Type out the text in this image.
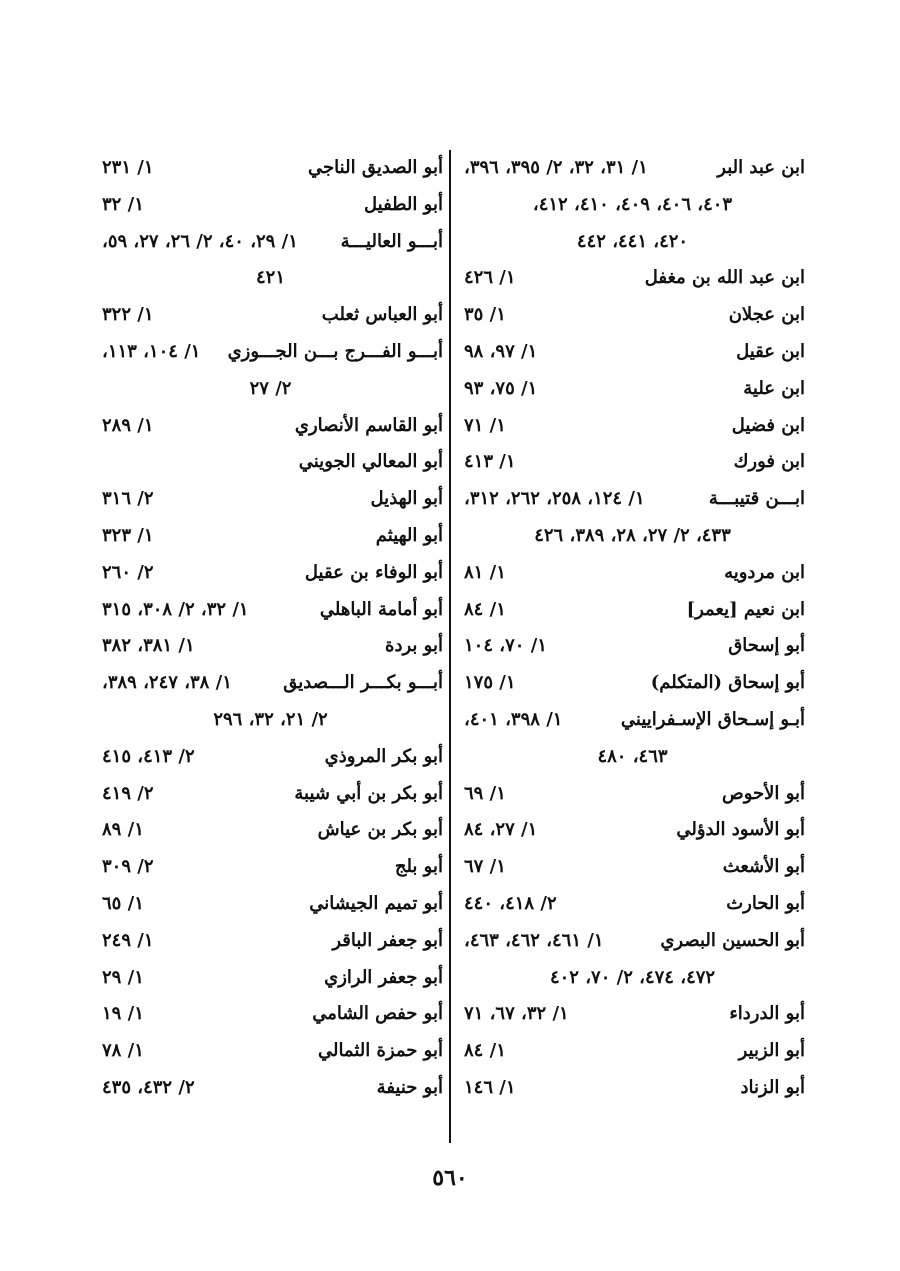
ابن عبد البر
١/ ٣١، ٣٢، ٢/ ٣٩٥، ٣٩٦،
٤٠٣، ٤٠٦، ٤٠٩، ٤١٠، ٤١٢،
٤٢٠، ٤٤١، ٤٤٢
ابن عبد الله بن مغفل
١/ ٤٢٦
ابن عجلان
١/ ٣٥
ابن عقيل
١/ ٩٧، ٩٨
ابن علية
١/ ٧٥، ٩٣
ابن فضيل
١/ ٧١
ابن فورك
١/ ٤١٣
ابـــن قتيبـــة
١/ ١٢٤، ٢٥٨، ٢٦٢، ٣١٢،
٤٣٣، ٢/ ٢٧، ٢٨، ٣٨٩، ٤٢٦
ابن مردويه
١/ ٨١
ابن نعيم [يعمر]
١/ ٨٤
أبو إسحاق
١/ ٧٠، ١٠٤
أبو إسحاق (المتكلم)
١/ ١٧٥
أبـو إسـحاق الإسـفراييني
١/ ٣٩٨، ٤٠١،
٤٦٣، ٤٨٠
أبو الأحوص
١/ ٦٩
أبو الأسود الدؤلي
١/ ٢٧، ٨٤
أبو الأشعث
١/ ٦٧
أبو الحارث
٢/ ٤١٨، ٤٤٠
أبو الحسين البصري
١/ ٤٦١، ٤٦٢، ٤٦٣،
٤٧٢، ٤٧٤، ٢/ ٧٠، ٤٠٢
أبو الدرداء
١/ ٣٢، ٦٧، ٧١
أبو الزبير
١/ ٨٤
أبو الزناد
١/ ١٤٦
أبو الصديق الناجي
١/ ٢٣١
أبو الطفيل
١/ ٣٢
أبـــو العاليـــة
١/ ٢٩، ٤٠، ٢/ ٢٦، ٢٧، ٥٩،
٤٢١
أبو العباس ثعلب
١/ ٣٢٢
أبـــو الفـــرج بـــن الجـــوزي
١/ ١٠٤، ١١٣،
٢/ ٢٧
أبو القاسم الأنصاري
١/ ٢٨٩
أبو المعالي الجويني
أبو الهذيل
٢/ ٣١٦
أبو الهيثم
١/ ٣٢٣
أبو الوفاء بن عقيل
٢/ ٢٦٠
أبو أمامة الباهلي
١/ ٣٢، ٢/ ٣٠٨، ٣١٥
أبو بردة
١/ ٣٨١، ٣٨٢
أبـــو بكـــر الـــصديق
١/ ٣٨، ٢٤٧، ٣٨٩،
٢/ ٢١، ٣٢، ٢٩٦
أبو بكر المروذي
٢/ ٤١٣، ٤١٥
أبو بكر بن أبي شيبة
٢/ ٤١٩
أبو بكر بن عياش
١/ ٨٩
أبو بلج
٢/ ٣٠٩
أبو تميم الجيشاني
١/ ٦٥
أبو جعفر الباقر
١/ ٢٤٩
أبو جعفر الرازي
١/ ٢٩
أبو حفص الشامي
١/ ١٩
أبو حمزة الثمالي
١/ ٧٨
أبو حنيفة
٢/ ٤٣٢، ٤٣٥
٥٦٠
